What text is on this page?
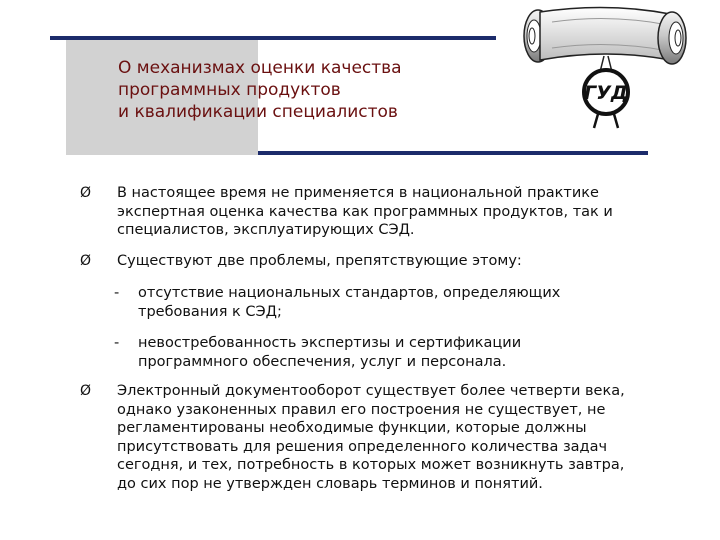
О механизмах оценки качества
программных продуктов
и квалификации специалистов
ГУД
Ø В настоящее время не применяется в национальной практике
экспертная оценка качества как программных продуктов, так и
специалистов, эксплуатирующих СЭД.
Ø Существуют две проблемы, препятствующие этому:
- отсутствие национальных стандартов, определяющих
требования к СЭД;
- невостребованность экспертизы и сертификации
программного обеспечения, услуг и персонала.
Ø Электронный документооборот существует более четверти века,
однако узаконенных правил его построения не существует, не
регламентированы необходимые функции, которые должны
присутствовать для решения определенного количества задач
сегодня, и тех, потребность в которых может возникнуть завтра,
до сих пор не утвержден словарь терминов и понятий.
